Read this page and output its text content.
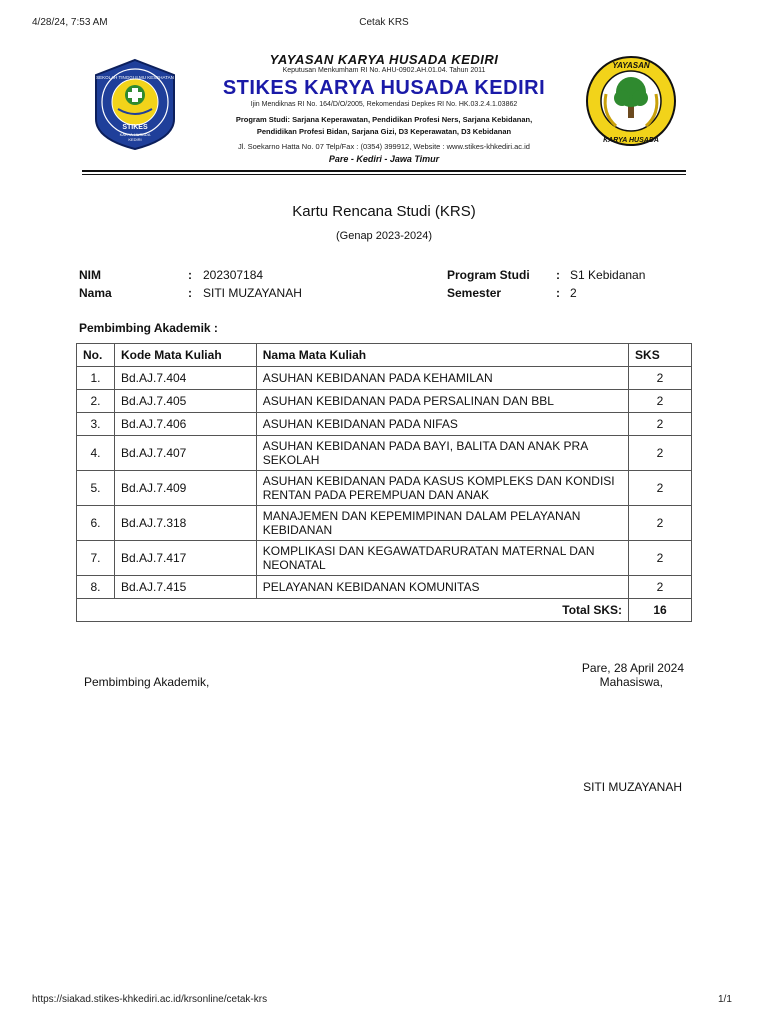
4/28/24, 7:53 AM	Cetak KRS
SEKOLAH TINGGI ILMU KESEHATAN
STIKES
KARYA HUSADA
KEDIRI
YAYASAN KARYA HUSADA KEDIRI
Keputusan Menkumham RI No. AHU-0902.AH.01.04. Tahun 2011
STIKES KARYA HUSADA KEDIRI
Ijin Mendiknas RI No. 164/D/O/2005, Rekomendasi Depkes RI No. HK.03.2.4.1.03862
Program Studi: Sarjana Keperawatan, Pendidikan Profesi Ners, Sarjana Kebidanan,
Pendidikan Profesi Bidan, Sarjana Gizi, D3 Keperawatan, D3 Kebidanan
Jl. Soekarno Hatta No. 07 Telp/Fax : (0354) 399912, Website : www.stikes-khkediri.ac.id
Pare - Kediri - Jawa Timur
YAYASAN
KARYA HUSADA
Kartu Rencana Studi (KRS)
(Genap 2023-2024)
NIM	: 202307184
Nama	: SITI MUZAYANAH
Program Studi : S1 Kebidanan
Semester	: 2
Pembimbing Akademik :
No.	Kode Mata Kuliah	Nama Mata Kuliah	SKS
1.	Bd.AJ.7.404	ASUHAN KEBIDANAN PADA KEHAMILAN	2
2.	Bd.AJ.7.405	ASUHAN KEBIDANAN PADA PERSALINAN DAN BBL	2
3.	Bd.AJ.7.406	ASUHAN KEBIDANAN PADA NIFAS	2
4.	Bd.AJ.7.407	ASUHAN KEBIDANAN PADA BAYI, BALITA DAN ANAK PRA SEKOLAH	2
5.	Bd.AJ.7.409	ASUHAN KEBIDANAN PADA KASUS KOMPLEKS DAN KONDISI RENTAN PADA PEREMPUAN DAN ANAK	2
6.	Bd.AJ.7.318	MANAJEMEN DAN KEPEMIMPINAN DALAM PELAYANAN KEBIDANAN	2
7.	Bd.AJ.7.417	KOMPLIKASI DAN KEGAWATDARURATAN MATERNAL DAN NEONATAL	2
8.	Bd.AJ.7.415	PELAYANAN KEBIDANAN KOMUNITAS	2
Total SKS:			16
Pembimbing Akademik,
Pare, 28 April 2024
Mahasiswa,
SITI MUZAYANAH
https://siakad.stikes-khkediri.ac.id/krsonline/cetak-krs	1/1
